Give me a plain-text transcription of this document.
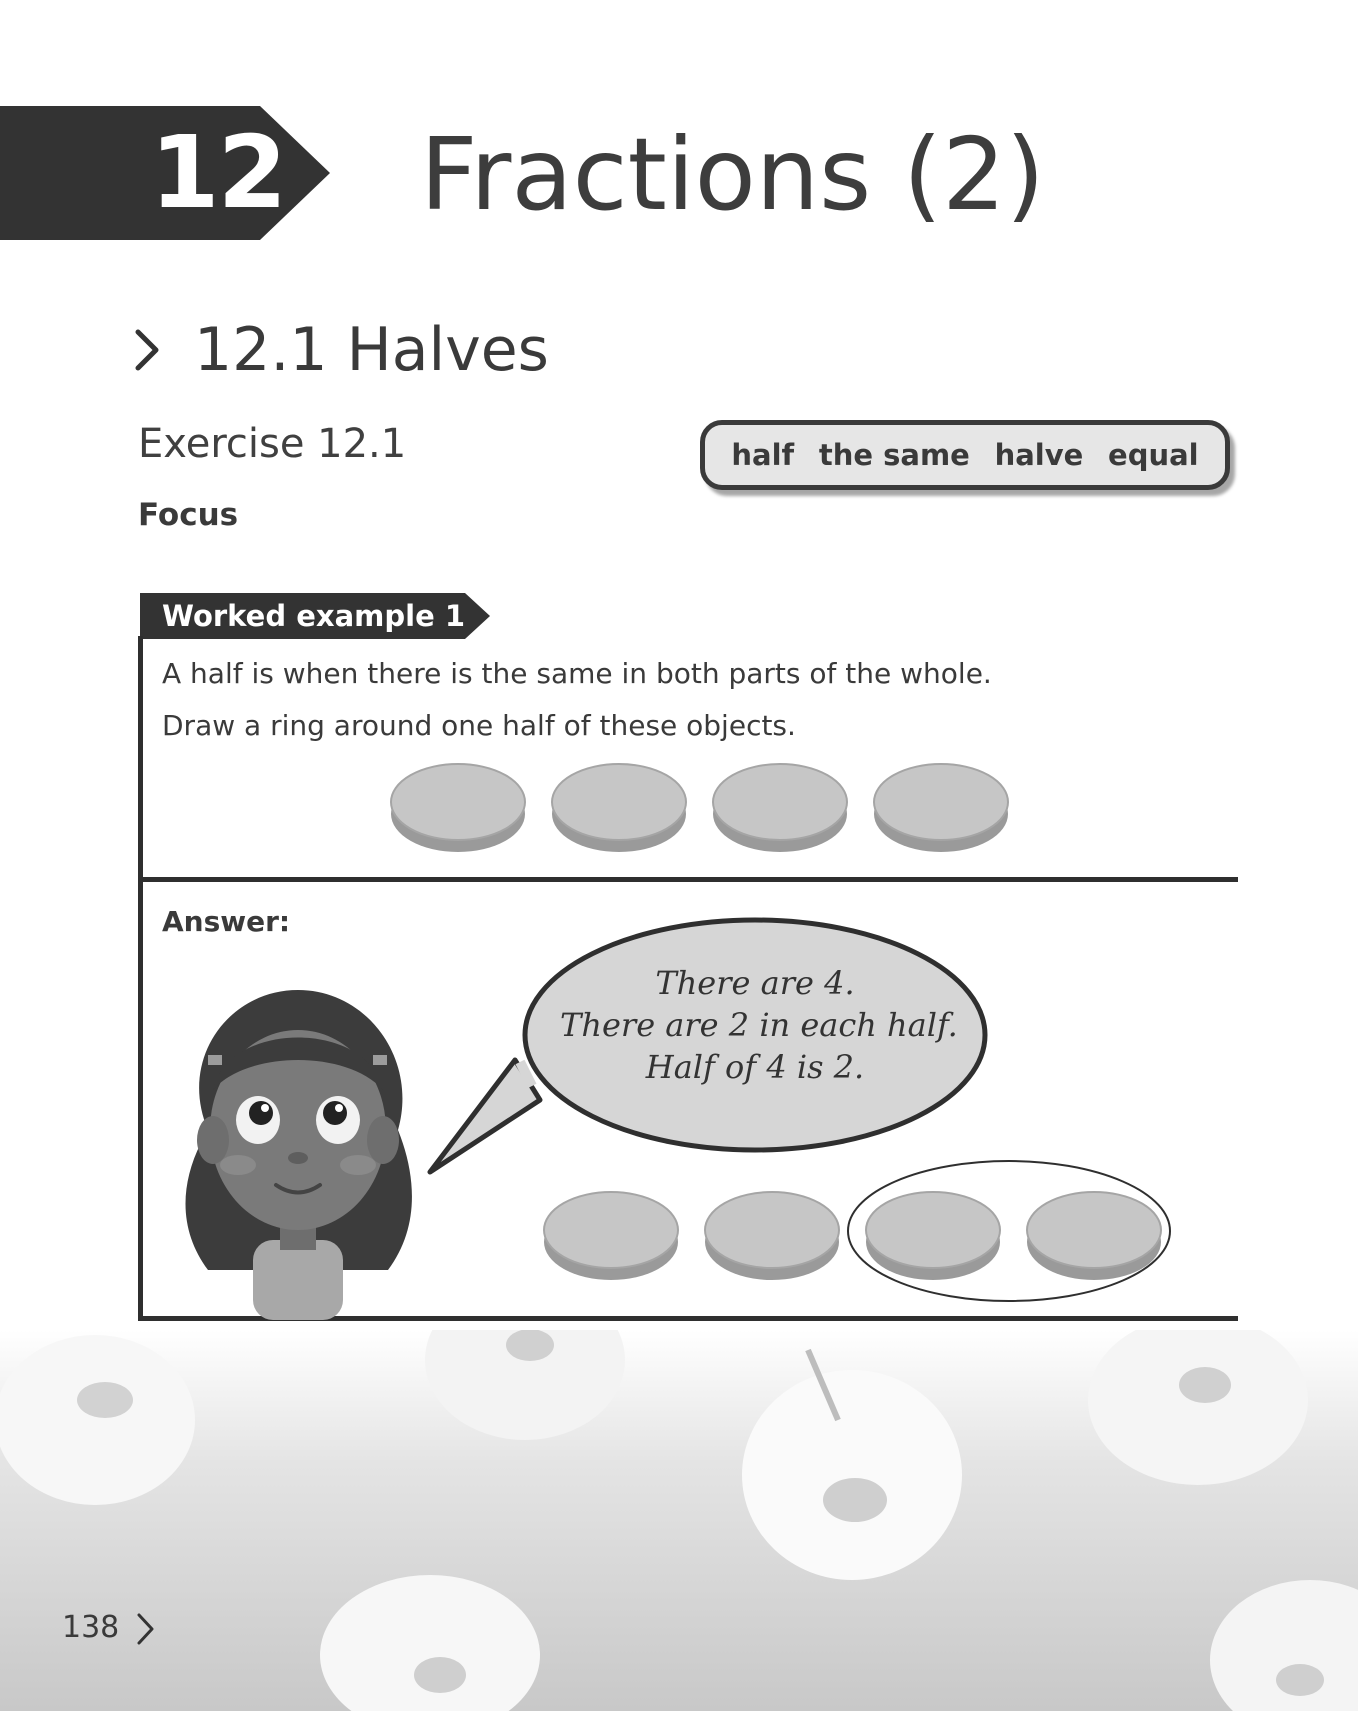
12 Fractions (2)
12.1 Halves
Exercise 12.1
Focus
half the same halve equal
Worked example 1
A half is when there is the same in both parts of the whole.
Draw a ring around one half of these objects.
Answer:
There are 4.
There are 2 in each half.
Half of 4 is 2.
138
